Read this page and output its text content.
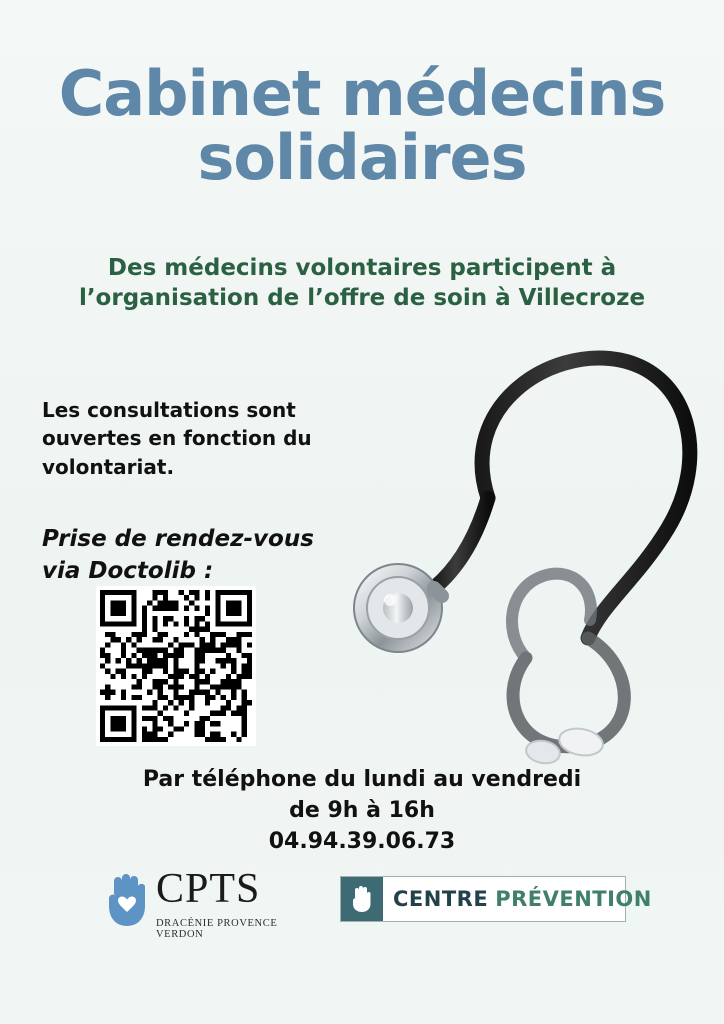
Cabinet médecins
solidaires
Des médecins volontaires participent à
l’organisation de l’offre de soin à Villecroze
Les consultations sont ouvertes en fonction du volontariat.
Prise de rendez-vous
via Doctolib :
Par téléphone du lundi au vendredi
de 9h à 16h
04.94.39.06.73
CPTS
DRACÉNIE PROVENCE VERDON
CENTRE PRÉVENTION
